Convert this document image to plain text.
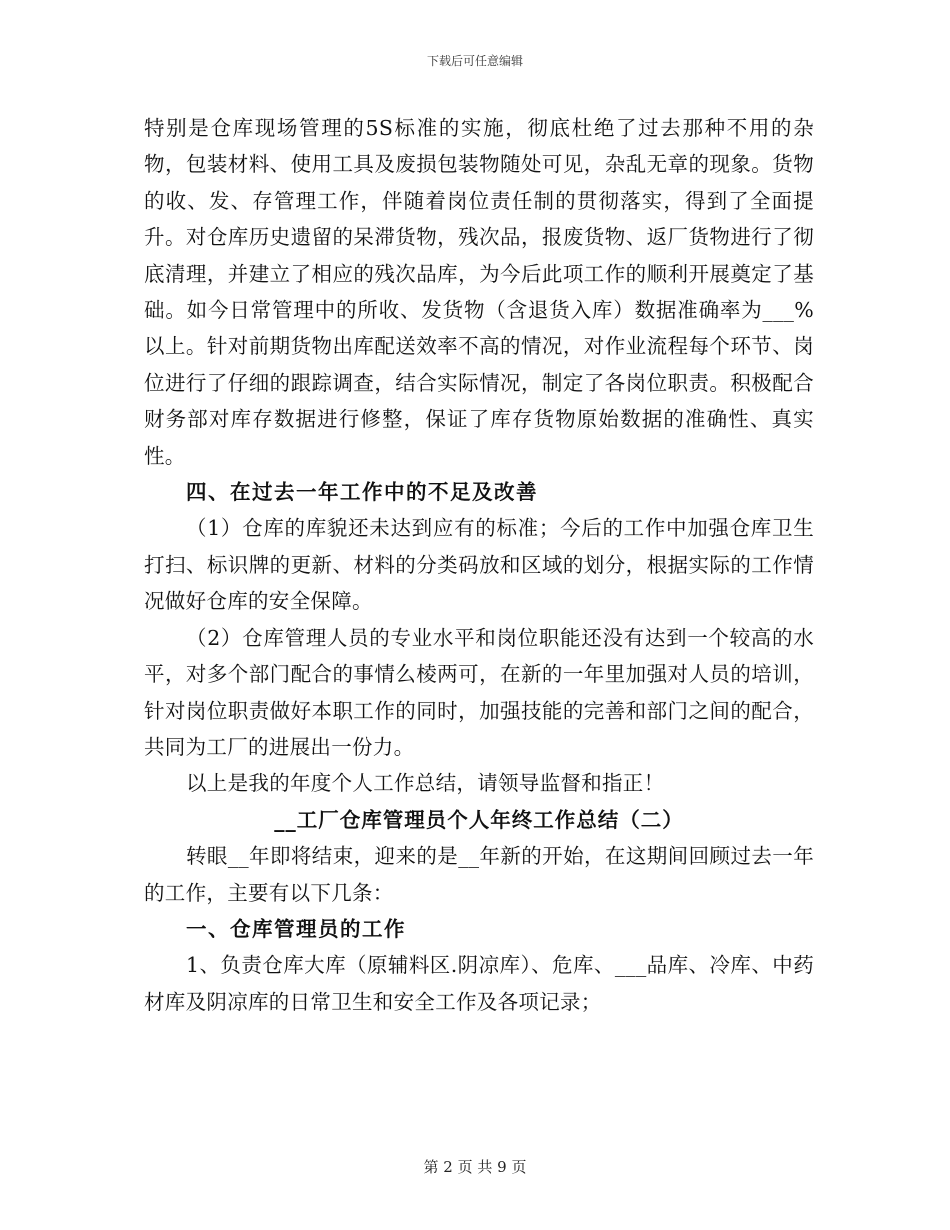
下载后可任意编辑

特别是仓库现场管理的5S标准的实施，彻底杜绝了过去那种不用的杂物，包装材料、使用工具及废损包装物随处可见，杂乱无章的现象。货物的收、发、存管理工作，伴随着岗位责任制的贯彻落实，得到了全面提升。对仓库历史遗留的呆滞货物，残次品，报废货物、返厂货物进行了彻底清理，并建立了相应的残次品库，为今后此项工作的顺利开展奠定了基础。如今日常管理中的所收、发货物（含退货入库）数据准确率为___%以上。针对前期货物出库配送效率不高的情况，对作业流程每个环节、岗位进行了仔细的跟踪调查，结合实际情况，制定了各岗位职责。积极配合财务部对库存数据进行修整，保证了库存货物原始数据的准确性、真实性。

四、在过去一年工作中的不足及改善

（1）仓库的库貌还未达到应有的标准；今后的工作中加强仓库卫生打扫、标识牌的更新、材料的分类码放和区域的划分，根据实际的工作情况做好仓库的安全保障。

（2）仓库管理人员的专业水平和岗位职能还没有达到一个较高的水平，对多个部门配合的事情么棱两可，在新的一年里加强对人员的培训，针对岗位职责做好本职工作的同时，加强技能的完善和部门之间的配合，共同为工厂的进展出一份力。

以上是我的年度个人工作总结，请领导监督和指正！

__工厂仓库管理员个人年终工作总结（二）

转眼__年即将结束，迎来的是__年新的开始，在这期间回顾过去一年的工作，主要有以下几条：

一、仓库管理员的工作

1、负责仓库大库（原辅料区.阴凉库）、危库、___品库、冷库、中药材库及阴凉库的日常卫生和安全工作及各项记录；

第 2 页 共 9 页
